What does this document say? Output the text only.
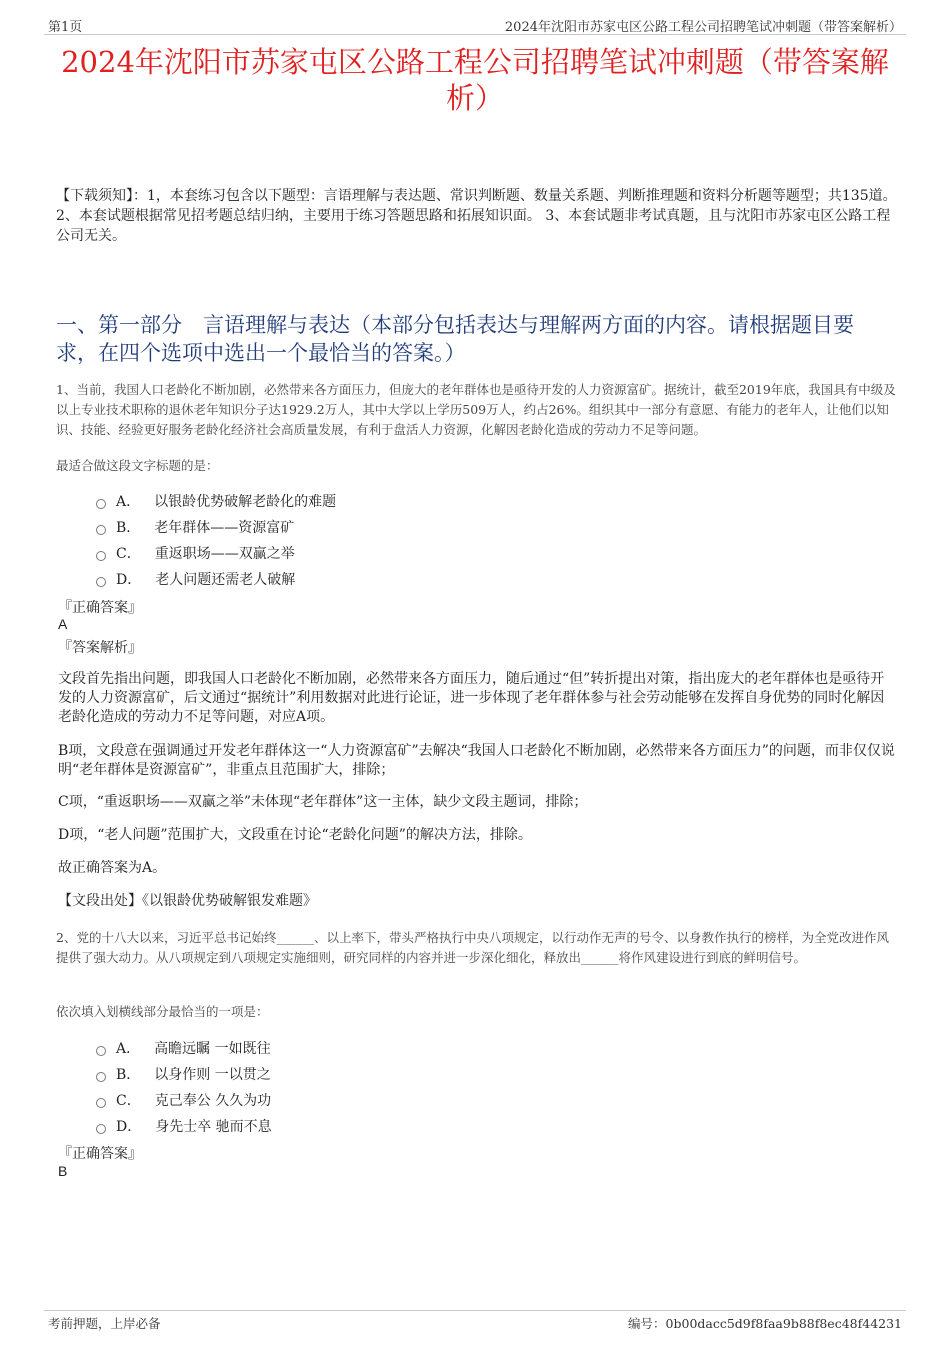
第1页	2024年沈阳市苏家屯区公路工程公司招聘笔试冲刺题（带答案解析）
2024年沈阳市苏家屯区公路工程公司招聘笔试冲刺题（带答案解析）
【下载须知】：1，本套练习包含以下题型：言语理解与表达题、常识判断题、数量关系题、判断推理题和资料分析题等题型；共135道。 2、本套试题根据常见招考题总结归纳，主要用于练习答题思路和拓展知识面。 3、本套试题非考试真题，且与沈阳市苏家屯区公路工程公司无关。
一、第一部分　言语理解与表达（本部分包括表达与理解两方面的内容。请根据题目要求，在四个选项中选出一个最恰当的答案。）
1、当前，我国人口老龄化不断加剧，必然带来各方面压力，但庞大的老年群体也是亟待开发的人力资源富矿。据统计，截至2019年底，我国具有中级及以上专业技术职称的退休老年知识分子达1929.2万人，其中大学以上学历509万人，约占26%。组织其中一部分有意愿、有能力的老年人，让他们以知识、技能、经验更好服务老龄化经济社会高质量发展，有利于盘活人力资源，化解因老龄化造成的劳动力不足等问题。
最适合做这段文字标题的是：
A． 以银龄优势破解老龄化的难题
B． 老年群体——资源富矿
C． 重返职场——双赢之举
D． 老人问题还需老人破解
『正确答案』
A
『答案解析』
文段首先指出问题，即我国人口老龄化不断加剧，必然带来各方面压力，随后通过“但”转折提出对策，指出庞大的老年群体也是亟待开发的人力资源富矿，后文通过“据统计”利用数据对此进行论证，进一步体现了老年群体参与社会劳动能够在发挥自身优势的同时化解因老龄化造成的劳动力不足等问题，对应A项。
B项，文段意在强调通过开发老年群体这一“人力资源富矿”去解决“我国人口老龄化不断加剧，必然带来各方面压力”的问题，而非仅仅说明“老年群体是资源富矿”，非重点且范围扩大，排除；
C项，“重返职场——双赢之举”未体现“老年群体”这一主体，缺少文段主题词，排除；
D项，“老人问题”范围扩大，文段重在讨论“老龄化问题”的解决方法，排除。
故正确答案为A。
【文段出处】《以银龄优势破解银发难题》
2、党的十八大以来，习近平总书记始终______、以上率下，带头严格执行中央八项规定，以行动作无声的号令、以身教作执行的榜样，为全党改进作风提供了强大动力。从八项规定到八项规定实施细则，研究同样的内容并进一步深化细化，释放出______将作风建设进行到底的鲜明信号。
依次填入划横线部分最恰当的一项是：
A． 高瞻远瞩 一如既往
B． 以身作则 一以贯之
C． 克己奉公 久久为功
D． 身先士卒 驰而不息
『正确答案』
B
考前押题，上岸必备	编号：0b00dacc5d9f8faa9b88f8ec48f44231
